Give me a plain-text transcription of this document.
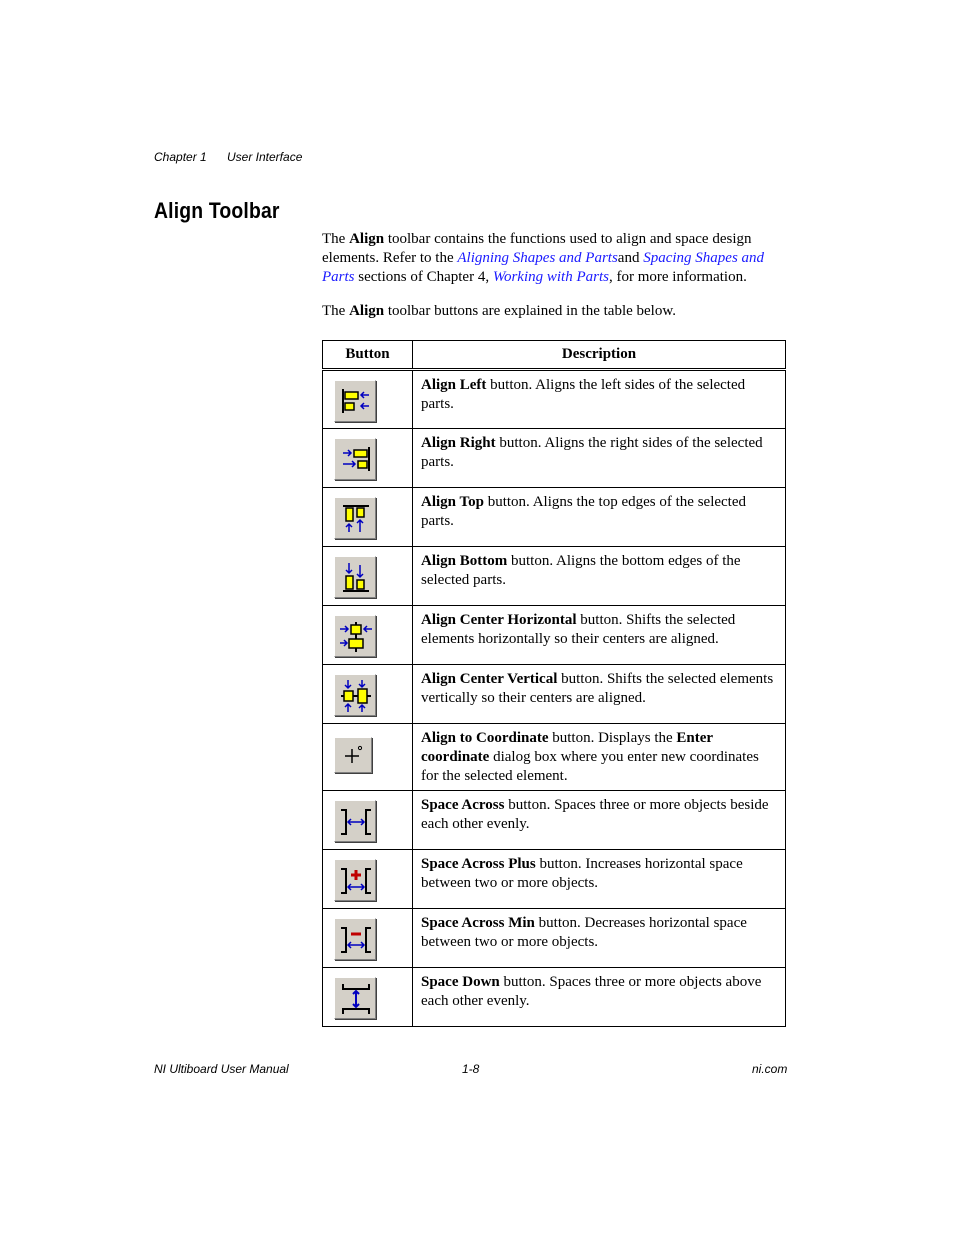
Chapter 1 User Interface
Align Toolbar
The Align toolbar contains the functions used to align and space design elements. Refer to the Aligning Shapes and Partsand Spacing Shapes and Parts sections of Chapter 4, Working with Parts, for more information.
The Align toolbar buttons are explained in the table below.
Button	Description

	Align Left button. Aligns the left sides of the selected parts.

	Align Right button. Aligns the right sides of the selected parts.

	Align Top button. Aligns the top edges of the selected parts.

	Align Bottom button. Aligns the bottom edges of the selected parts.

	Align Center Horizontal button. Shifts the selected elements horizontally so their centers are aligned.

	Align Center Vertical button. Shifts the selected elements vertically so their centers are aligned.

	Align to Coordinate button. Displays the Enter coordinate dialog box where you enter new coordinates for the selected element.

	Space Across button. Spaces three or more objects beside each other evenly.

	Space Across Plus button. Increases horizontal space between two or more objects.

	Space Across Min button. Decreases horizontal space between two or more objects.

	Space Down button. Spaces three or more objects above each other evenly.
NI Ultiboard User Manual	1-8	ni.com
